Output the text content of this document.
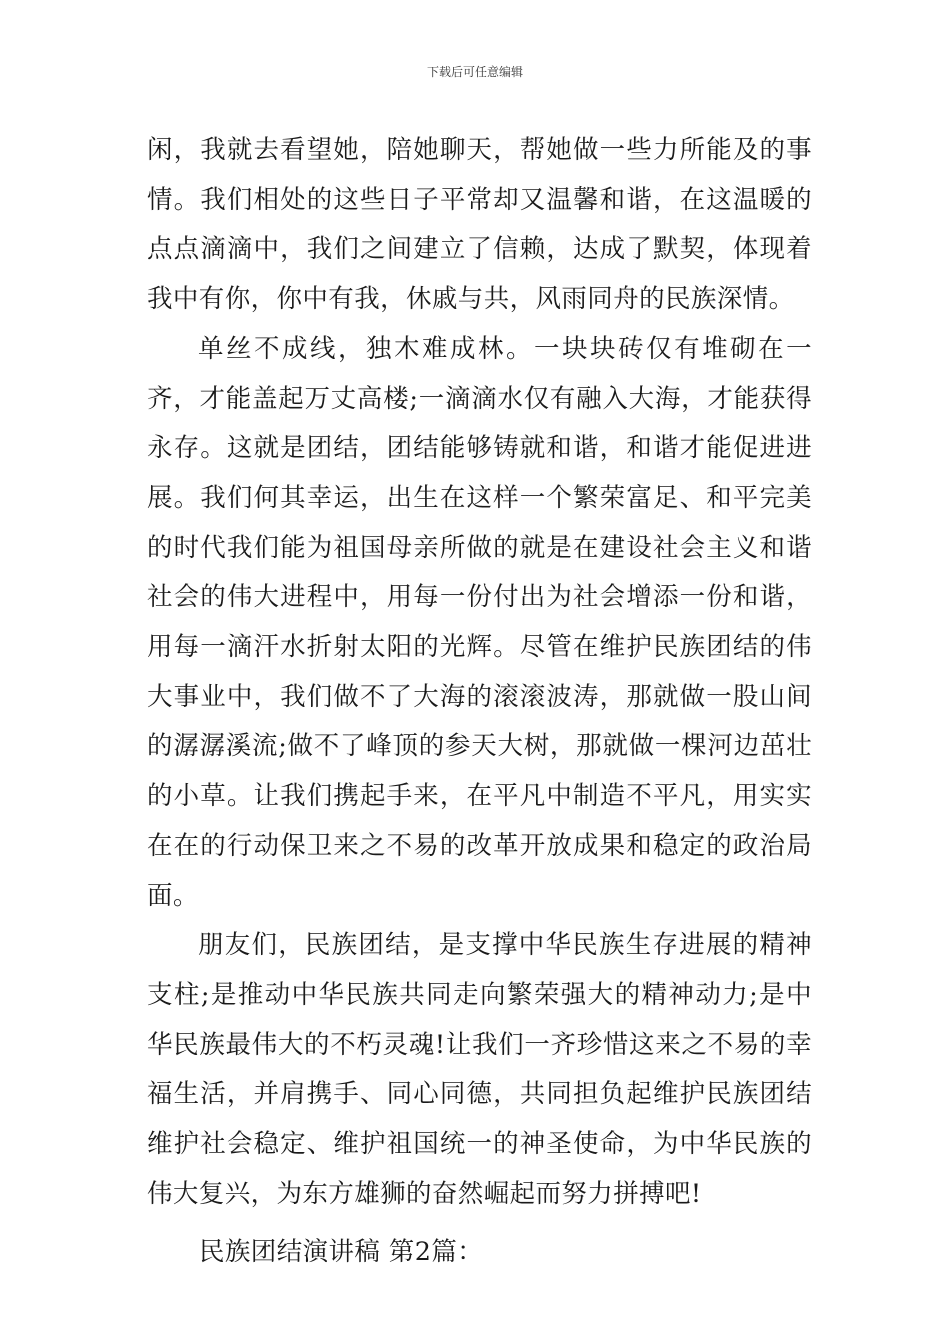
下载后可任意编辑

闲，我就去看望她，陪她聊天，帮她做一些力所能及的事情。我们相处的这些日子平常却又温馨和谐，在这温暖的点点滴滴中，我们之间建立了信赖，达成了默契，体现着我中有你，你中有我，休戚与共，风雨同舟的民族深情。

单丝不成线，独木难成林。一块块砖仅有堆砌在一齐，才能盖起万丈高楼;一滴滴水仅有融入大海，才能获得永存。这就是团结，团结能够铸就和谐，和谐才能促进进展。我们何其幸运，出生在这样一个繁荣富足、和平完美的时代我们能为祖国母亲所做的就是在建设社会主义和谐社会的伟大进程中，用每一份付出为社会增添一份和谐，用每一滴汗水折射太阳的光辉。尽管在维护民族团结的伟大事业中，我们做不了大海的滚滚波涛，那就做一股山间的潺潺溪流;做不了峰顶的参天大树，那就做一棵河边茁壮的小草。让我们携起手来，在平凡中制造不平凡，用实实在在的行动保卫来之不易的改革开放成果和稳定的政治局面。

朋友们，民族团结，是支撑中华民族生存进展的精神支柱;是推动中华民族共同走向繁荣强大的精神动力;是中华民族最伟大的不朽灵魂!让我们一齐珍惜这来之不易的幸福生活，并肩携手、同心同德，共同担负起维护民族团结维护社会稳定、维护祖国统一的神圣使命，为中华民族的伟大复兴，为东方雄狮的奋然崛起而努力拼搏吧!

民族团结演讲稿 第2篇：
